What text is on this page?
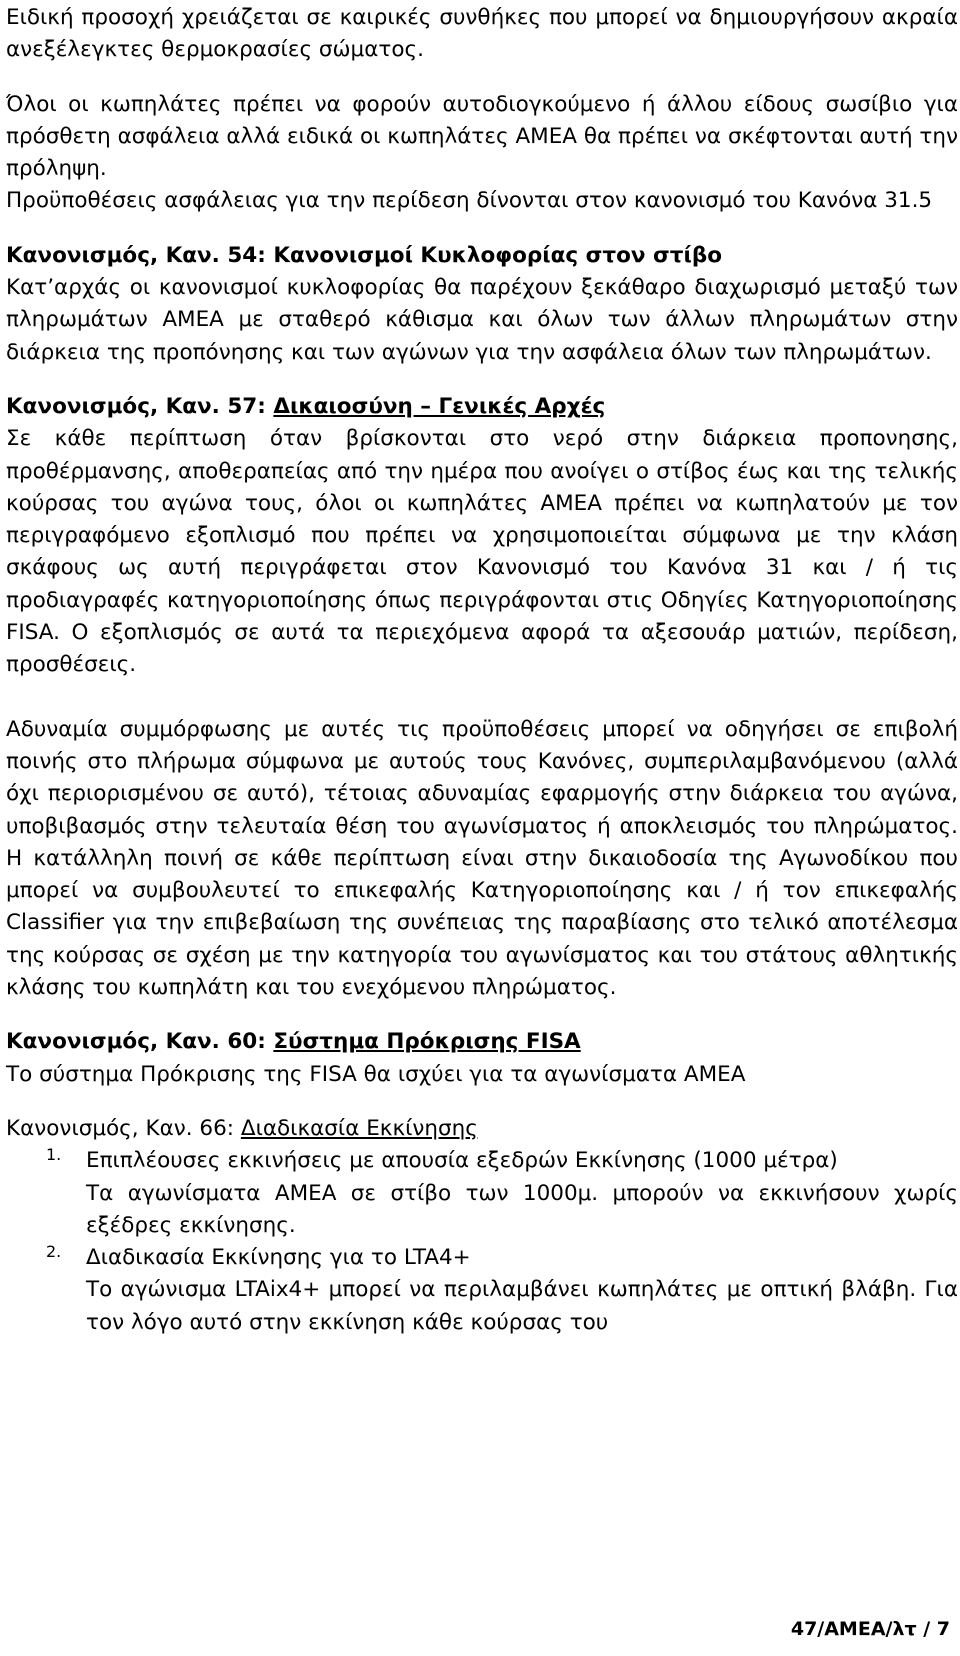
Ειδική προσοχή χρειάζεται σε καιρικές συνθήκες που μπορεί να δημιουργήσουν ακραία ανεξέλεγκτες θερμοκρασίες σώματος.

Όλοι οι κωπηλάτες πρέπει να φορούν αυτοδιογκούμενο ή άλλου είδους σωσίβιο για πρόσθετη ασφάλεια αλλά ειδικά οι κωπηλάτες ΑΜΕΑ θα πρέπει να σκέφτονται αυτή την πρόληψη.

Προϋποθέσεις ασφάλειας για την περίδεση δίνονται στον κανονισμό του Κανόνα 31.5

Κανονισμός, Καν. 54: Κανονισμοί Κυκλοφορίας στον στίβο

Κατ’αρχάς οι κανονισμοί κυκλοφορίας θα παρέχουν ξεκάθαρο διαχωρισμό μεταξύ των πληρωμάτων ΑΜΕΑ με σταθερό κάθισμα και όλων των άλλων πληρωμάτων στην διάρκεια της προπόνησης και των αγώνων για την ασφάλεια όλων των πληρωμάτων.

Κανονισμός, Καν. 57: Δικαιοσύνη – Γενικές Αρχές

Σε κάθε περίπτωση όταν βρίσκονται στο νερό στην διάρκεια προπονησης, προθέρμανσης, αποθεραπείας από την ημέρα που ανοίγει ο στίβος έως και της τελικής κούρσας του αγώνα τους, όλοι οι κωπηλάτες ΑΜΕΑ πρέπει να κωπηλατούν με τον περιγραφόμενο εξοπλισμό που πρέπει να χρησιμοποιείται σύμφωνα με την κλάση σκάφους ως αυτή περιγράφεται στον Κανονισμό του Κανόνα 31 και / ή τις προδιαγραφές κατηγοριοποίησης όπως περιγράφονται στις Οδηγίες Κατηγοριοποίησης FISA. Ο εξοπλισμός σε αυτά τα περιεχόμενα αφορά τα αξεσουάρ ματιών, περίδεση, προσθέσεις.

Αδυναμία συμμόρφωσης με αυτές τις προϋποθέσεις μπορεί να οδηγήσει σε επιβολή ποινής στο πλήρωμα σύμφωνα με αυτούς τους Κανόνες, συμπεριλαμβανόμενου (αλλά όχι περιορισμένου σε αυτό), τέτοιας αδυναμίας εφαρμογής στην διάρκεια του αγώνα, υποβιβασμός στην τελευταία θέση του αγωνίσματος ή αποκλεισμός του πληρώματος. Η κατάλληλη ποινή σε κάθε περίπτωση είναι στην δικαιοδοσία της Αγωνοδίκου που μπορεί να συμβουλευτεί το επικεφαλής Κατηγοριοποίησης και / ή τον επικεφαλής Classifier για την επιβεβαίωση της συνέπειας της παραβίασης στο τελικό αποτέλεσμα της κούρσας σε σχέση με την κατηγορία του αγωνίσματος και του στάτους αθλητικής κλάσης του κωπηλάτη και του ενεχόμενου πληρώματος.

Κανονισμός, Καν. 60: Σύστημα Πρόκρισης FISA

Το σύστημα Πρόκρισης της FISA θα ισχύει για τα αγωνίσματα ΑΜΕΑ

Κανονισμός, Καν. 66: Διαδικασία Εκκίνησης

1. Επιπλέουσες εκκινήσεις με απουσία εξεδρών Εκκίνησης (1000 μέτρα)

Τα αγωνίσματα ΑΜΕΑ σε στίβο των 1000μ. μπορούν να εκκινήσουν χωρίς εξέδρες εκκίνησης.

2. Διαδικασία Εκκίνησης για το LTA4+

Το αγώνισμα LTAix4+ μπορεί να περιλαμβάνει κωπηλάτες με οπτική βλάβη. Για τον λόγο αυτό στην εκκίνηση κάθε κούρσας του

47/ΑΜΕΑ/λτ / 7
